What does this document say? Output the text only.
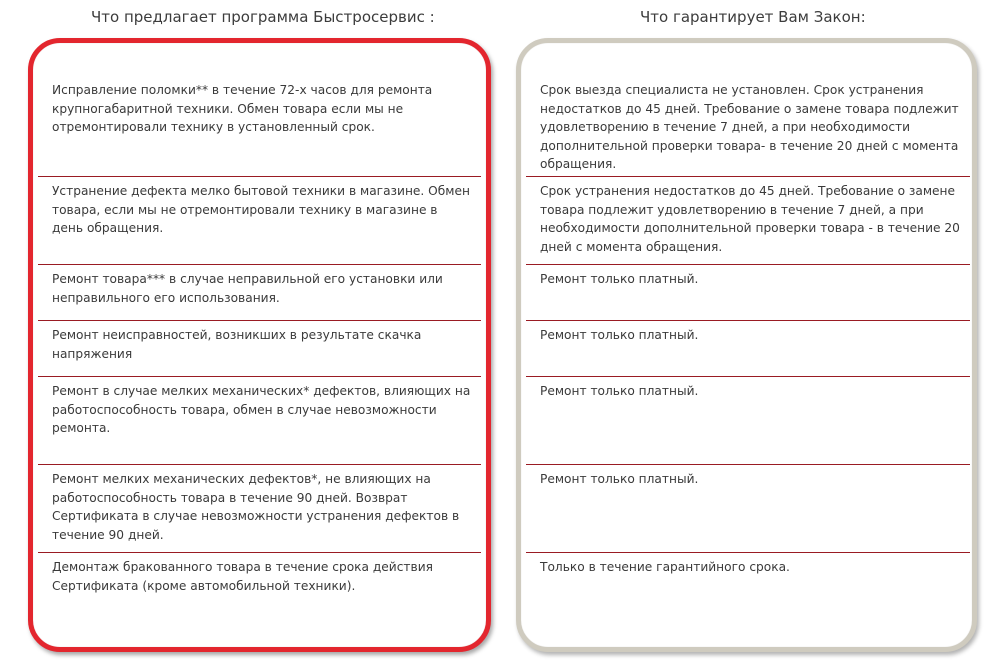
Что предлагает программа Быстросервис :	Что гарантирует Вам Закон:
Исправление поломки** в течение 72-х часов для ремонта крупногабаритной техники. Обмен товара если мы не отремонтировали технику в установленный срок.
Устранение дефекта мелко бытовой техники в магазине. Обмен товара, если мы не отремонтировали технику в магазине в день обращения.
Ремонт товара*** в случае неправильной его установки или неправильного его использования.
Ремонт неисправностей, возникших в результате скачка напряжения
Ремонт в случае мелких механических* дефектов, влияющих на работоспособность товара, обмен в случае невозможности ремонта.
Ремонт мелких механических дефектов*, не влияющих на работоспособность товара в течение 90 дней. Возврат Сертификата в случае невозможности устранения дефектов в течение 90 дней.
Демонтаж бракованного товара в течение срока действия Сертификата (кроме автомобильной техники).
Срок выезда специалиста не установлен. Срок устранения недостатков до 45 дней. Требование о замене товара подлежит удовлетворению в течение 7 дней, а при необходимости дополнительной проверки товара- в течение 20 дней с момента обращения.
Срок устранения недостатков до 45 дней. Требование о замене товара подлежит удовлетворению в течение 7 дней, а при необходимости дополнительной проверки товара - в течение 20 дней с момента обращения.
Ремонт только платный.
Ремонт только платный.
Ремонт только платный.
Ремонт только платный.
Только в течение гарантийного срока.
